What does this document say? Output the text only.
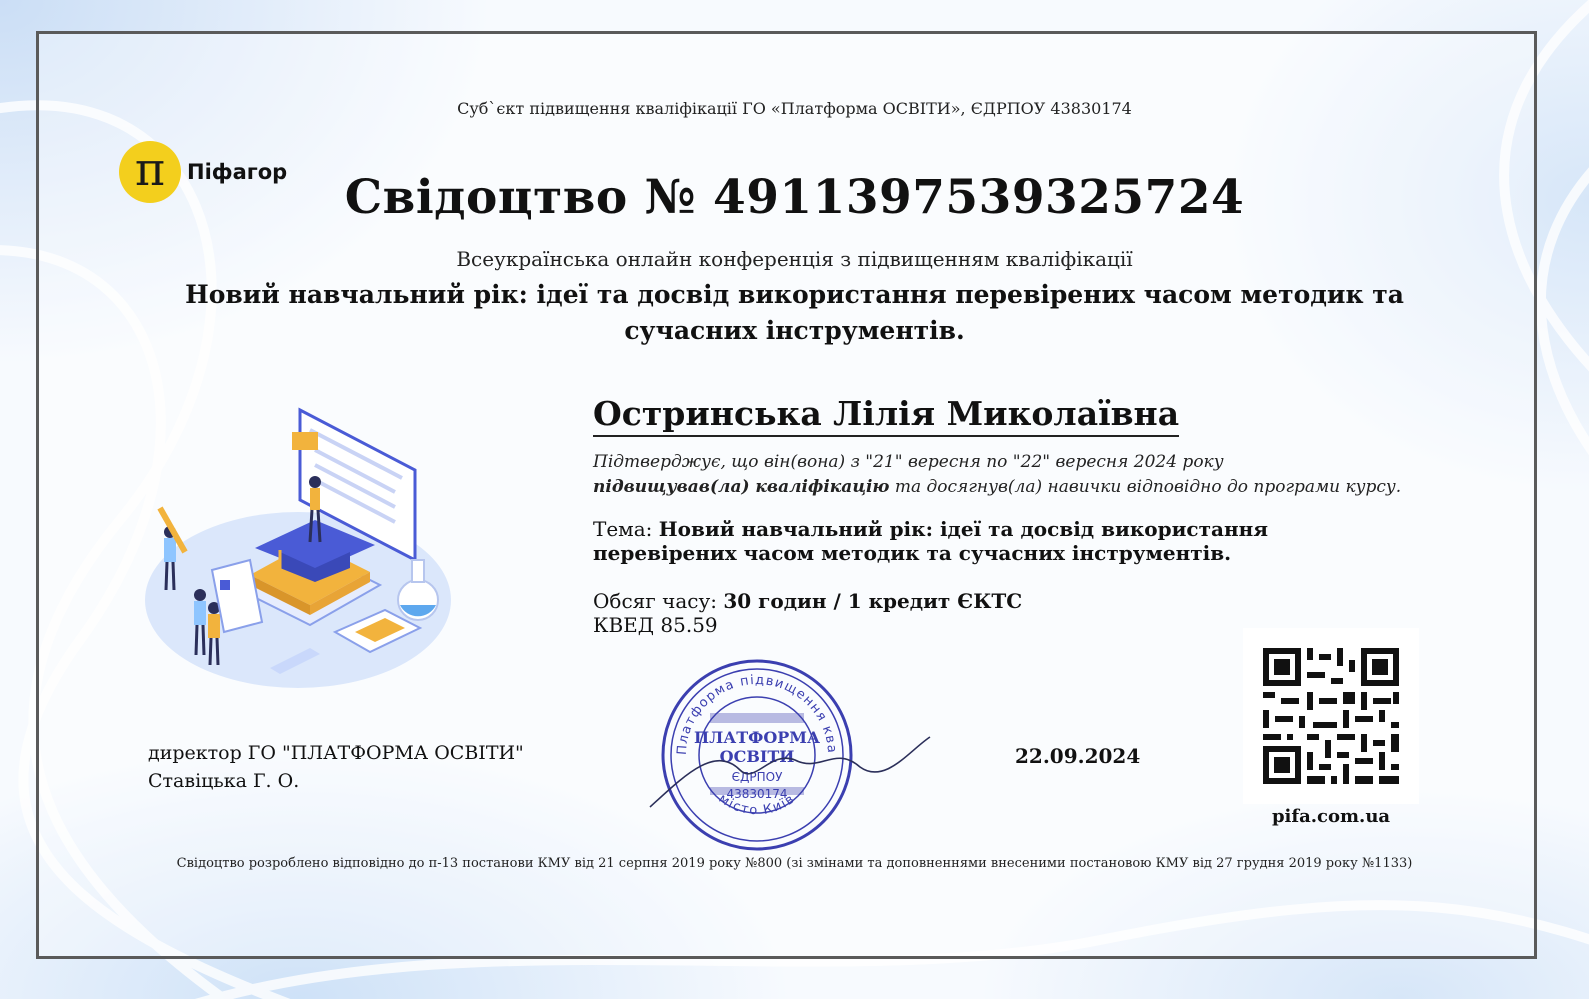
Суб`єкт підвищення кваліфікації ГО «Платформа ОСВІТИ», ЄДРПОУ 43830174
π Піфагор	Свідоцтво № 4911397539325724
Всеукраїнська онлайн конференція з підвищенням кваліфікації
Новий навчальний рік: ідеї та досвід використання перевірених часом методик та сучасних інструментів.
Остринська Лілія Миколаївна
Підтверджує, що він(вона) з "21" вересня по "22" вересня 2024 року
підвищував(ла) кваліфікацію та досягнув(ла) навички відповідно до програми курсу.
Тема: Новий навчальний рік: ідеї та досвід використання перевірених часом методик та сучасних інструментів.
Обсяг часу: 30 годин / 1 кредит ЄКТС
КВЕД 85.59
директор ГО "ПЛАТФОРМА ОСВІТИ"
Ставіцька Г. О.
Платформа підвищення ква
місто Київ
ПЛАТФОРМА
ОСВІТИ
ЄДРПОУ
43830174
22.09.2024
pifa.com.ua
Свідоцтво розроблено відповідно до п-13 постанови КМУ від 21 серпня 2019 року №800 (зі змінами та доповненнями внесеними постановою КМУ від 27 грудня 2019 року №1133)
